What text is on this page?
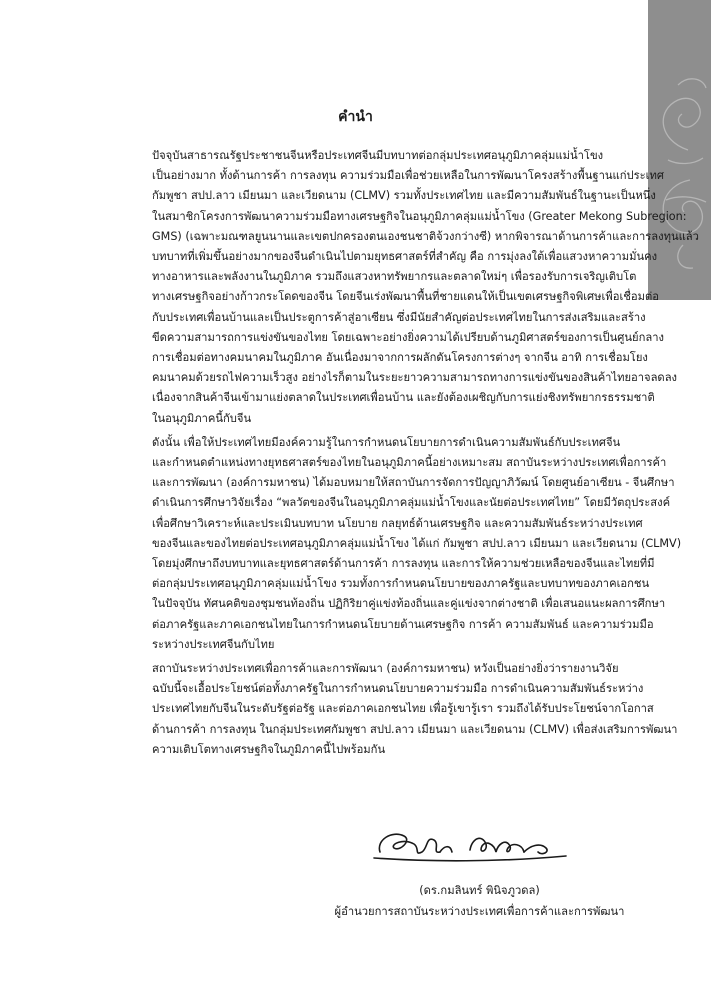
คำนำ
ปัจจุบันสาธารณรัฐประชาชนจีนหรือประเทศจีนมีบทบาทต่อกลุ่มประเทศอนุภูมิภาคลุ่มแม่น้ำโขง
เป็นอย่างมาก ทั้งด้านการค้า การลงทุน ความร่วมมือเพื่อช่วยเหลือในการพัฒนาโครงสร้างพื้นฐานแก่ประเทศ
กัมพูชา สปป.ลาว เมียนมา และเวียดนาม (CLMV) รวมทั้งประเทศไทย และมีความสัมพันธ์ในฐานะเป็นหนึ่ง
ในสมาชิกโครงการพัฒนาความร่วมมือทางเศรษฐกิจในอนุภูมิภาคลุ่มแม่น้ำโขง (Greater Mekong Subregion:
GMS) (เฉพาะมณฑลยูนนานและเขตปกครองตนเองชนชาติจ้วงกว่างซี) หากพิจารณาด้านการค้าและการลงทุนแล้ว
บทบาทที่เพิ่มขึ้นอย่างมากของจีนดำเนินไปตามยุทธศาสตร์ที่สำคัญ คือ การมุ่งลงใต้เพื่อแสวงหาความมั่นคง
ทางอาหารและพลังงานในภูมิภาค รวมถึงแสวงหาทรัพยากรและตลาดใหม่ๆ เพื่อรองรับการเจริญเติบโต
ทางเศรษฐกิจอย่างก้าวกระโดดของจีน โดยจีนเร่งพัฒนาพื้นที่ชายแดนให้เป็นเขตเศรษฐกิจพิเศษเพื่อเชื่อมต่อ
กับประเทศเพื่อนบ้านและเป็นประตูการค้าสู่อาเซียน ซึ่งมีนัยสำคัญต่อประเทศไทยในการส่งเสริมและสร้าง
ขีดความสามารถการแข่งขันของไทย โดยเฉพาะอย่างยิ่งความได้เปรียบด้านภูมิศาสตร์ของการเป็นศูนย์กลาง
การเชื่อมต่อทางคมนาคมในภูมิภาค อันเนื่องมาจากการผลักดันโครงการต่างๆ จากจีน อาทิ การเชื่อมโยง
คมนาคมด้วยรถไฟความเร็วสูง อย่างไรก็ตามในระยะยาวความสามารถทางการแข่งขันของสินค้าไทยอาจลดลง
เนื่องจากสินค้าจีนเข้ามาแย่งตลาดในประเทศเพื่อนบ้าน และยังต้องเผชิญกับการแย่งชิงทรัพยากรธรรมชาติ
ในอนุภูมิภาคนี้กับจีน
ดังนั้น เพื่อให้ประเทศไทยมีองค์ความรู้ในการกำหนดนโยบายการดำเนินความสัมพันธ์กับประเทศจีน
และกำหนดตำแหน่งทางยุทธศาสตร์ของไทยในอนุภูมิภาคนี้อย่างเหมาะสม สถาบันระหว่างประเทศเพื่อการค้า
และการพัฒนา (องค์การมหาชน) ได้มอบหมายให้สถาบันการจัดการปัญญาภิวัฒน์ โดยศูนย์อาเซียน - จีนศึกษา
ดำเนินการศึกษาวิจัยเรื่อง “พลวัตของจีนในอนุภูมิภาคลุ่มแม่น้ำโขงและนัยต่อประเทศไทย” โดยมีวัตถุประสงค์
เพื่อศึกษาวิเคราะห์และประเมินบทบาท นโยบาย กลยุทธ์ด้านเศรษฐกิจ และความสัมพันธ์ระหว่างประเทศ
ของจีนและของไทยต่อประเทศอนุภูมิภาคลุ่มแม่น้ำโขง ได้แก่ กัมพูชา สปป.ลาว เมียนมา และเวียดนาม (CLMV)
โดยมุ่งศึกษาถึงบทบาทและยุทธศาสตร์ด้านการค้า การลงทุน และการให้ความช่วยเหลือของจีนและไทยที่มี
ต่อกลุ่มประเทศอนุภูมิภาคลุ่มแม่น้ำโขง รวมทั้งการกำหนดนโยบายของภาครัฐและบทบาทของภาคเอกชน
ในปัจจุบัน ทัศนคติของชุมชนท้องถิ่น ปฏิกิริยาคู่แข่งท้องถิ่นและคู่แข่งจากต่างชาติ เพื่อเสนอแนะผลการศึกษา
ต่อภาครัฐและภาคเอกชนไทยในการกำหนดนโยบายด้านเศรษฐกิจ การค้า ความสัมพันธ์ และความร่วมมือ
ระหว่างประเทศจีนกับไทย
สถาบันระหว่างประเทศเพื่อการค้าและการพัฒนา (องค์การมหาชน) หวังเป็นอย่างยิ่งว่ารายงานวิจัย
ฉบับนี้จะเอื้อประโยชน์ต่อทั้งภาครัฐในการกำหนดนโยบายความร่วมมือ การดำเนินความสัมพันธ์ระหว่าง
ประเทศไทยกับจีนในระดับรัฐต่อรัฐ และต่อภาคเอกชนไทย เพื่อรู้เขารู้เรา รวมถึงได้รับประโยชน์จากโอกาส
ด้านการค้า การลงทุน ในกลุ่มประเทศกัมพูชา สปป.ลาว เมียนมา และเวียดนาม (CLMV) เพื่อส่งเสริมการพัฒนา
ความเติบโตทางเศรษฐกิจในภูมิภาคนี้ไปพร้อมกัน
(ดร.กมลินทร์ พินิจภูวดล)
ผู้อำนวยการสถาบันระหว่างประเทศเพื่อการค้าและการพัฒนา
